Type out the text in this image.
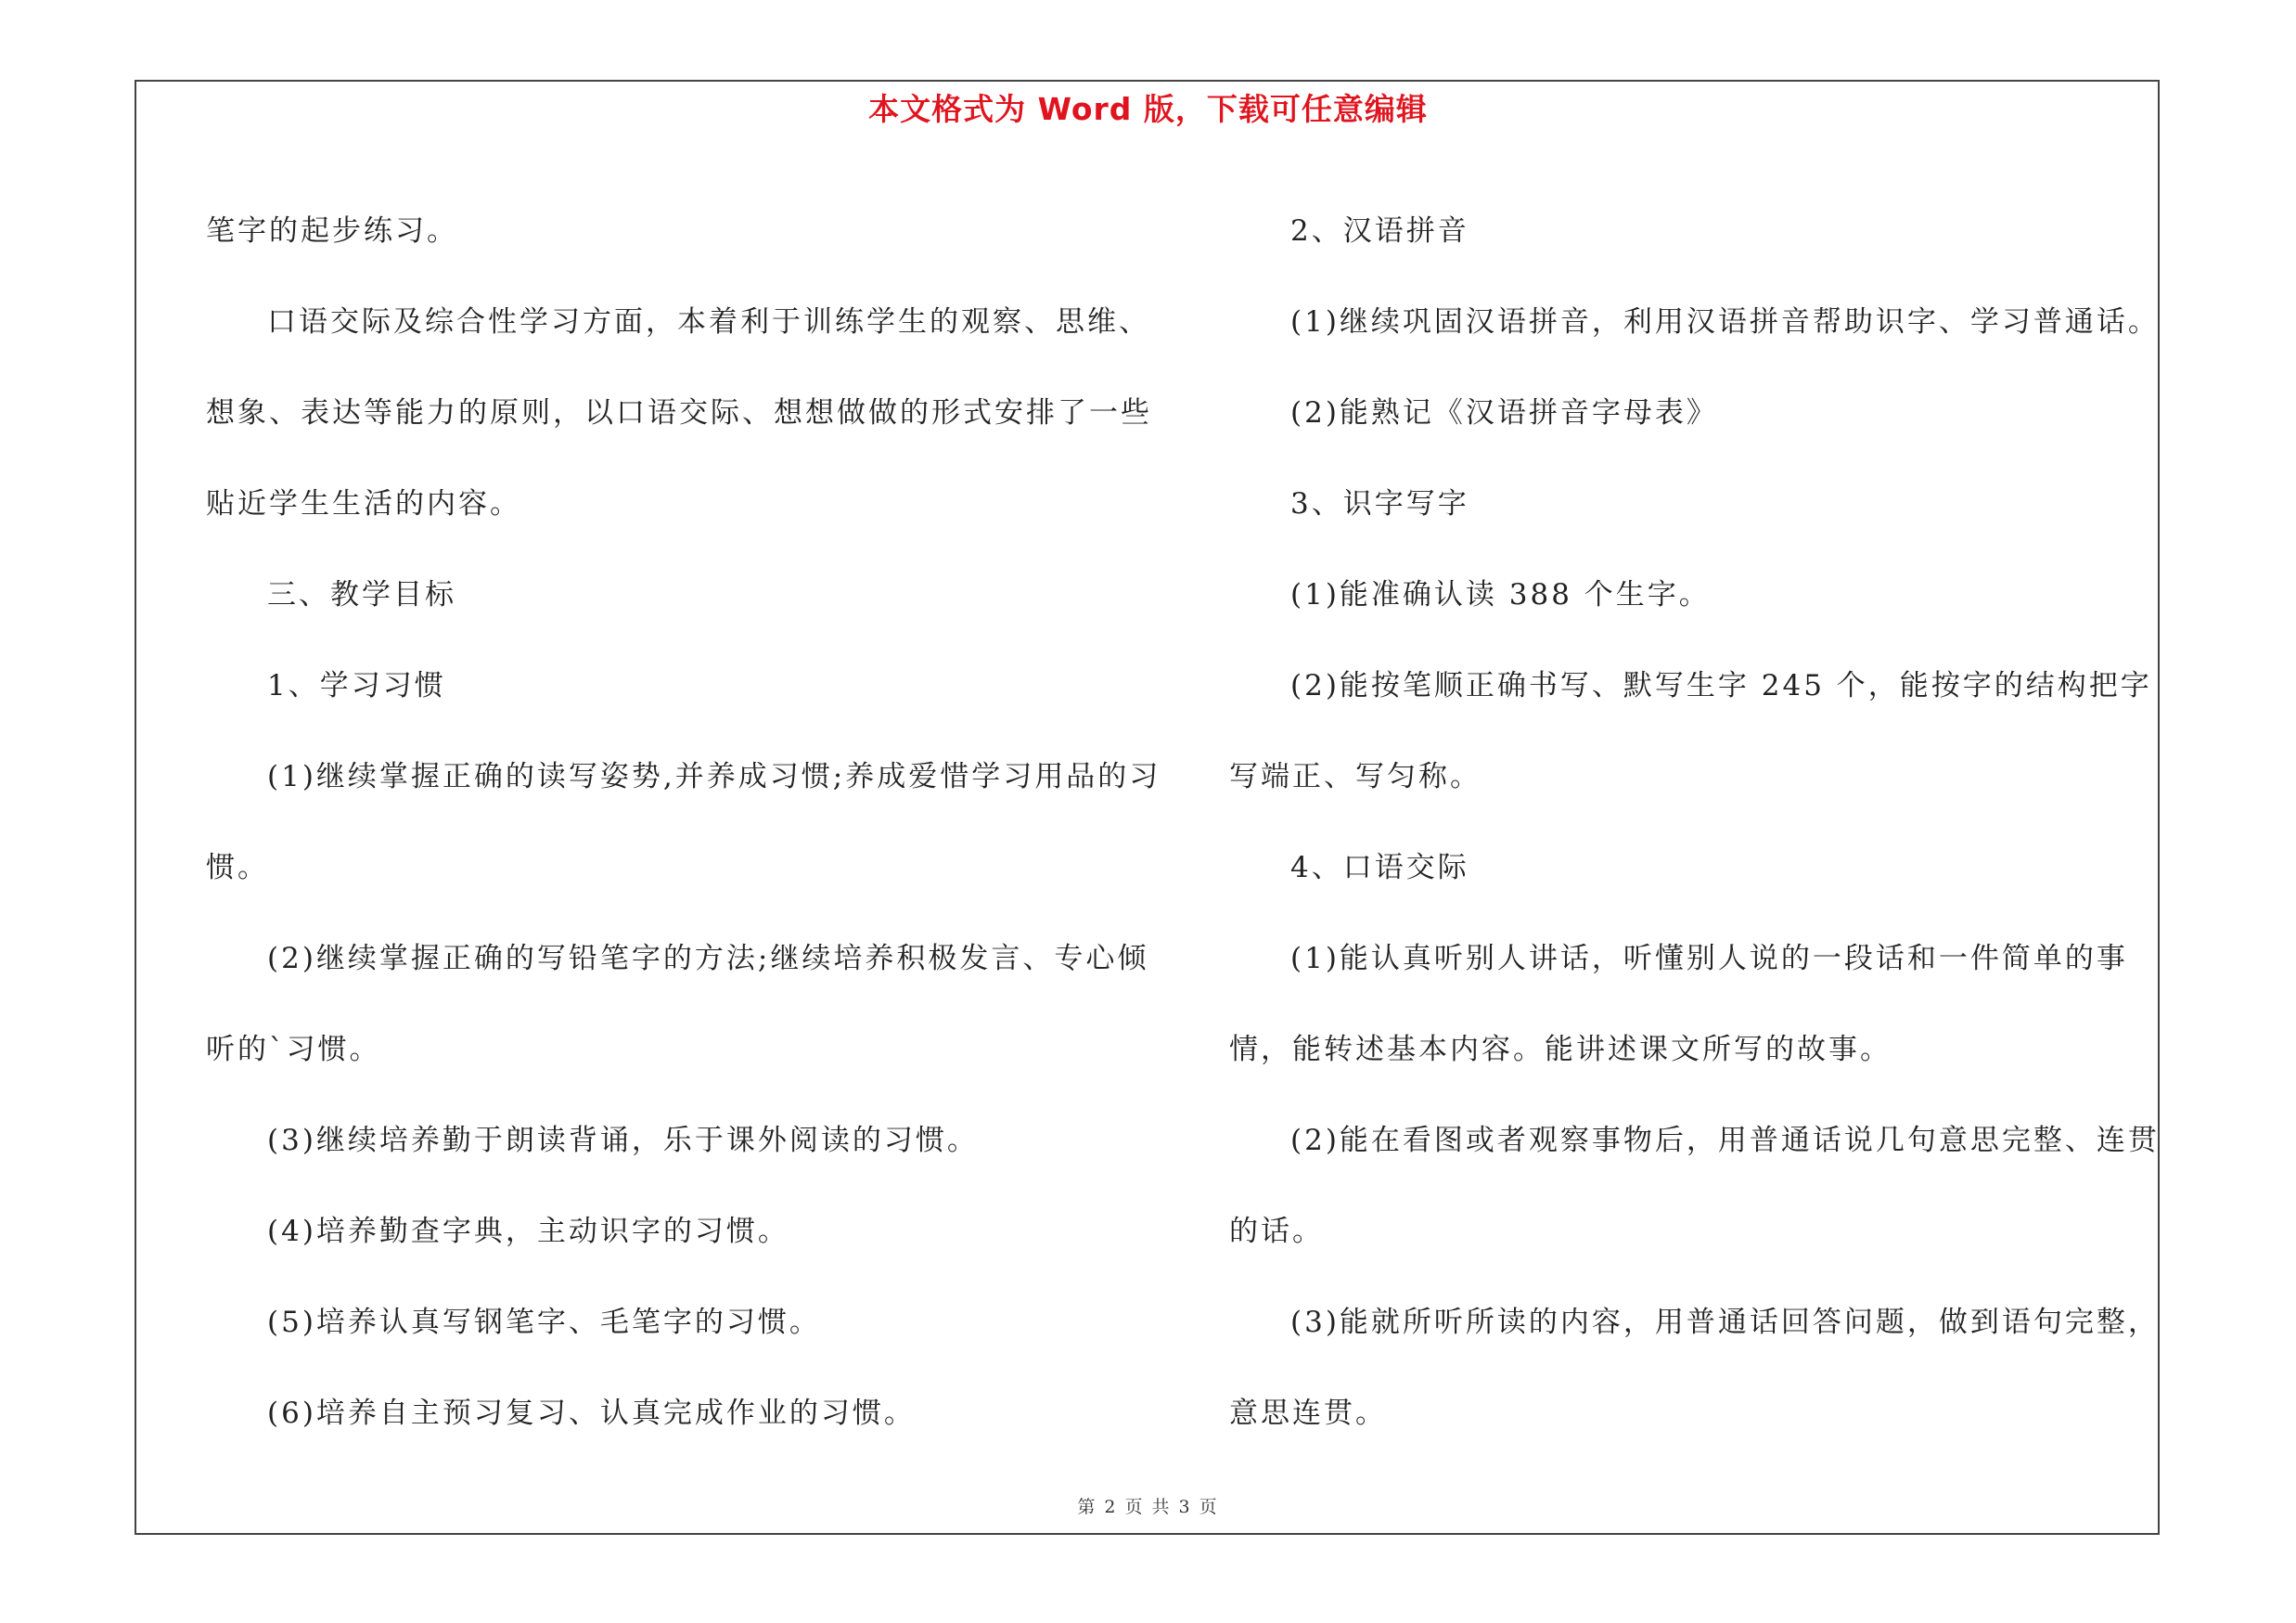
本文格式为 Word 版，下载可任意编辑

笔字的起步练习。

口语交际及综合性学习方面，本着利于训练学生的观察、思维、想象、表达等能力的原则，以口语交际、想想做做的形式安排了一些贴近学生生活的内容。

三、教学目标

1、学习习惯

(1)继续掌握正确的读写姿势,并养成习惯;养成爱惜学习用品的习惯。

(2)继续掌握正确的写铅笔字的方法;继续培养积极发言、专心倾听的`习惯。

(3)继续培养勤于朗读背诵，乐于课外阅读的习惯。

(4)培养勤查字典，主动识字的习惯。

(5)培养认真写钢笔字、毛笔字的习惯。

(6)培养自主预习复习、认真完成作业的习惯。

2、汉语拼音

(1)继续巩固汉语拼音，利用汉语拼音帮助识字、学习普通话。

(2)能熟记《汉语拼音字母表》

3、识字写字

(1)能准确认读 388 个生字。

(2)能按笔顺正确书写、默写生字 245 个，能按字的结构把字写端正、写匀称。

4、口语交际

(1)能认真听别人讲话，听懂别人说的一段话和一件简单的事情，能转述基本内容。能讲述课文所写的故事。

(2)能在看图或者观察事物后，用普通话说几句意思完整、连贯的话。

(3)能就所听所读的内容，用普通话回答问题，做到语句完整，意思连贯。

第 2 页 共 3 页
